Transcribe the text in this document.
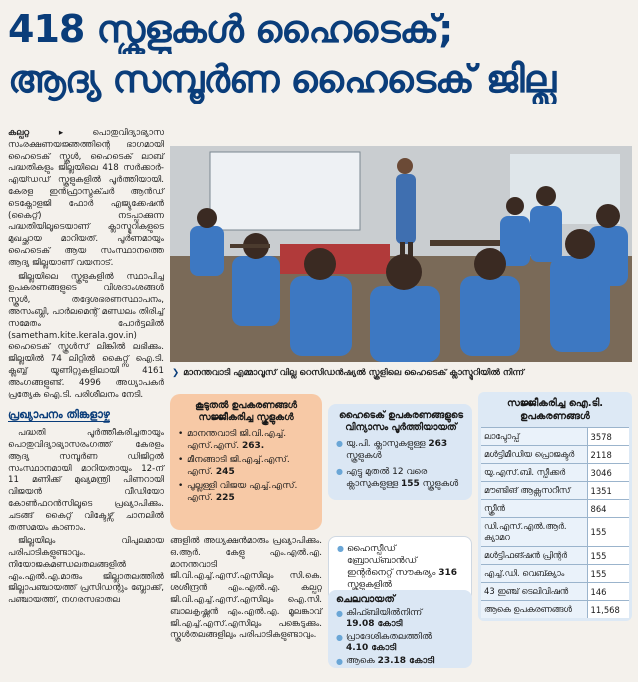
418 സ്കൂളുകൾ ഹൈടെക്;
ആദ്യ സമ്പൂർണ ഹൈടെക് ജില്ല

കല്പറ്റ ▸	പൊതുവിദ്യാഭ്യാസ സംരക്ഷണയജ്ഞത്തിന്റെ ഭാഗമായി ഹൈടെക് സ്കൂൾ, ഹൈടെക് ലാബ് പദ്ധതികളും ജില്ലയിലെ 418 സർക്കാർ-എയ്ഡഡ് സ്കൂളുകളിൽ പൂർത്തിയായി. കേരള ഇൻഫ്രാസ്ട്രക്ചർ ആൻഡ് ടെക്നോളജി ഫോർ എജ്യുക്കേഷൻ (കൈറ്റ്) നടപ്പാക്കുന്ന പദ്ധതിയിലൂടെയാണ് ക്ലാസ്മുറികളുടെ മുഖച്ഛായ മാറിയത്. പൂർണമായും ഹൈടെക് ആയ സംസ്ഥാനത്തെ ആദ്യ ജില്ലയാണ് വയനാട്.

ജില്ലയിലെ സ്കൂളുകളിൽ സ്ഥാപിച്ച ഉപകരണങ്ങളുടെ വിശദാംശങ്ങൾ സ്കൂൾ, തദ്ദേശഭരണസ്ഥാപനം, അസംബ്ലി, പാർലമെന്റ് മണ്ഡലം തിരിച്ച് സമേതം പോർട്ടലിൽ (sametham.kite.kerala.gov.in) ഹൈടെക് സ്കൂൾസ് ലിങ്കിൽ ലഭിക്കും. ജില്ലയിൽ 74 ലിറ്റിൽ കൈറ്റ്സ് ഐ.ടി. ക്ലബ്ബ് യൂണിറ്റുകളിലായി 4161 അംഗങ്ങളുണ്ട്. 4996 അധ്യാപകർ പ്രത്യേക ഐ.ടി. പരിശീലനം നേടി.

പ്രഖ്യാപനം തിങ്കളാഴ്ച

പദ്ധതി പൂർത്തീകരിച്ചതായും പൊതുവിദ്യാഭ്യാസരംഗത്ത് കേരളം ആദ്യ സമ്പൂർണ ഡിജിറ്റൽ സംസ്ഥാനമായി മാറിയതായും 12-ന് 11 മണിക്ക് മുഖ്യമന്ത്രി പിണറായി വിജയൻ വീഡിയോ കോൺഫറൻസിലൂടെ പ്രഖ്യാപിക്കും. ചടങ്ങ് കൈറ്റ് വിക്ടേഴ്സ് ചാനലിൽ തത്സമയം കാണാം.

ജില്ലയിലും വിപുലമായ പരിപാടികളുണ്ടാവും. നിയോജകമണ്ഡലതലങ്ങളിൽ എം.എൽ.എ.മാരും ജില്ലാതലത്തിൽ ജില്ലാപഞ്ചായത്ത് പ്രസിഡന്റും ബ്ലോക്ക്, പഞ്ചായത്ത്, നഗരസഭാതല

❯ മാനന്തവാടി എമ്മാവൂസ് വില്ല റെസിഡൻഷ്യൽ സ്കൂളിലെ ഹൈടെക് ക്ലാസ്മുറിയിൽ നിന്ന്
കൂടുതൽ ഉപകരണങ്ങൾ സജ്ജീകരിച്ച സ്കൂളുകൾ
• മാനന്തവാടി ജി.വി.എച്ച്. എസ്.എസ്. 263.
• മീനങ്ങാടി ജി.എച്ച്.എസ്. എസ്. 245
• പൂല്ലള്ളി വിജയ എച്ച്.എസ്. എസ്. 225
ഹൈടെക് ഉപകരണങ്ങളുടെ വിന്യാസം പൂർത്തിയായത്
● യു.പി. ക്ലാസുകളുള്ള 263 സ്കൂളുകൾ
● എട്ടു മുതൽ 12 വരെ ക്ലാസുകളുള്ള 155 സ്കൂളുകൾ

ങ്ങളിൽ അധ്യക്ഷൻമാരും പ്രഖ്യാപിക്കും. ഒ.ആർ. കേളു എം.എൽ.എ. മാനന്തവാടി ജി.വി.എച്ച്.എസ്.എസിലും സി.കെ. ശശീന്ദ്രൻ എം.എൽ.എ. കല്പറ്റ ജി.വി.എച്ച്.എസ്.എസിലും ഐ.സി. ബാലകൃഷ്ണൻ എം.എൽ.എ. മൂലങ്കാവ് ജി.എച്ച്.എസ്.എസിലും പങ്കെടുക്കും. സ്കൂൾതലങ്ങളിലും പരിപാടികളുണ്ടാവും.

● ഹൈസ്പീഡ് ബ്രോഡ്ബാൻഡ് ഇന്റർനെറ്റ് സൗകര്യം 316 സ്കൂളുകളിൽ
ചെലവായത്
● കിഫ്ബിയിൽനിന്ന്
19.08 കോടി
● പ്രാദേശികതലത്തിൽ
4.10 കോടി
● ആകെ 23.18 കോടി
സജ്ജീകരിച്ച ഐ.ടി. ഉപകരണങ്ങൾ
ലാപ്ടോപ്പ്	3578
മൾട്ടിമീഡിയ പ്രൊജക്ടർ	2118
യു.എസ്.ബി. സ്പീക്കർ	3046
മൗണ്ടിങ് ആക്സസറീസ്	1351
സ്ക്രീൻ	864
ഡി.എസ്.എൽ.ആർ. ക്യാമറ	155
മൾട്ടിഫങ്ഷൻ പ്രിന്റർ	155
എച്ച്.ഡി. വെബ്ക്യാം	155
43 ഇഞ്ച് ടെലിവിഷൻ	146
ആകെ ഉപകരണങ്ങൾ	11,568
